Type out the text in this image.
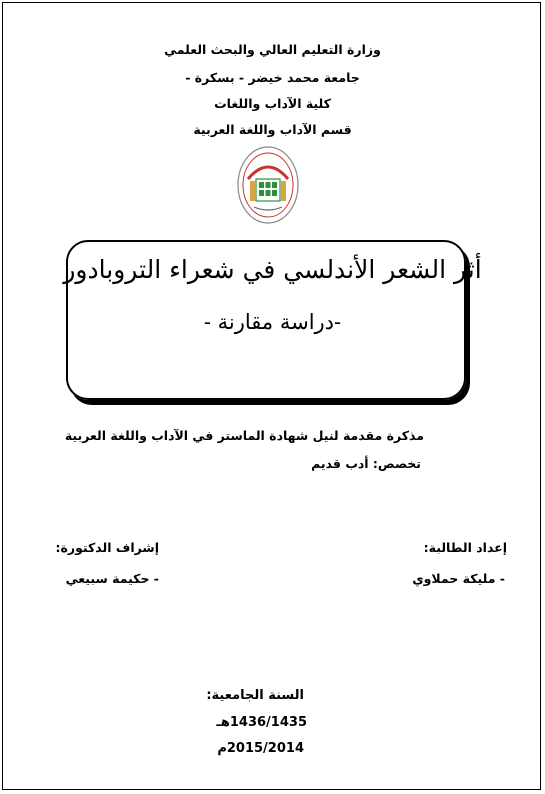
وزارة التعليم العالي والبحث العلمي
جامعة محمد خيضر - بسكرة -
كلية الآداب واللغات
قسم الآداب واللغة العربية
أثر الشعر الأندلسي في شعراء التروبادور
-دراسة مقارنة -
مذكرة مقدمة لنيل شهادة الماستر في الآداب واللغة العربية
تخصص: أدب قديم
إعداد الطالبة:
- مليكة حملاوي
إشراف الدكتورة:
- حكيمة سبيعي
السنة الجامعية:
1436/1435هـ
2015/2014م
